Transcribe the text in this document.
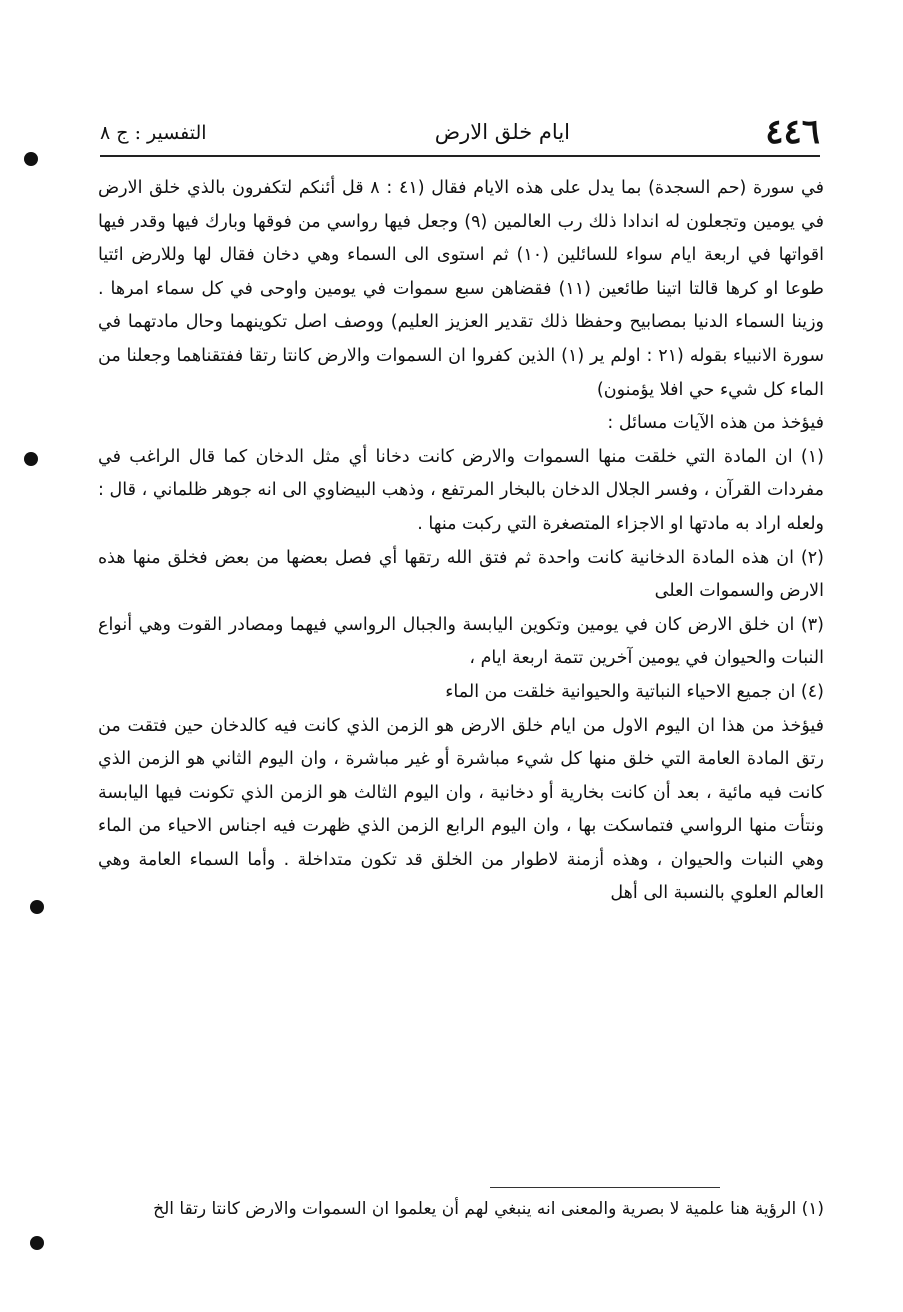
٤٤٦
ايام خلق الارض
التفسير : ج ٨

في سورة (حم السجدة) بما يدل على هذه الايام فقال (٤١ : ٨ قل أئنكم لتكفرون بالذي خلق الارض في يومين وتجعلون له اندادا ذلك رب العالمين (٩) وجعل فيها رواسي من فوقها وبارك فيها وقدر فيها اقواتها في اربعة ايام سواء للسائلين (١٠) ثم استوى الى السماء وهي دخان فقال لها وللارض ائتيا طوعا او كرها قالتا اتينا طائعين (١١) فقضاهن سبع سموات في يومين واوحى في كل سماء امرها . وزينا السماء الدنيا بمصابيح وحفظا ذلك تقدير العزيز العليم) ووصف اصل تكوينهما وحال مادتهما في سورة الانبياء بقوله (٢١ : اولم ير (١) الذين كفروا ان السموات والارض كانتا رتقا ففتقناهما وجعلنا من الماء كل شيء حي افلا يؤمنون)

فيؤخذ من هذه الآيات مسائل :

(١) ان المادة التي خلقت منها السموات والارض كانت دخانا أي مثل الدخان كما قال الراغب في مفردات القرآن ، وفسر الجلال الدخان بالبخار المرتفع ، وذهب البيضاوي الى انه جوهر ظلماني ، قال : ولعله اراد به مادتها او الاجزاء المتصغرة التي ركبت منها .

(٢) ان هذه المادة الدخانية كانت واحدة ثم فتق الله رتقها أي فصل بعضها من بعض فخلق منها هذه الارض والسموات العلى

(٣) ان خلق الارض كان في يومين وتكوين اليابسة والجبال الرواسي فيهما ومصادر القوت وهي أنواع النبات والحيوان في يومين آخرين تتمة اربعة ايام ،

(٤) ان جميع الاحياء النباتية والحيوانية خلقت من الماء

فيؤخذ من هذا ان اليوم الاول من ايام خلق الارض هو الزمن الذي كانت فيه كالدخان حين فتقت من رتق المادة العامة التي خلق منها كل شيء مباشرة أو غير مباشرة ، وان اليوم الثاني هو الزمن الذي كانت فيه مائية ، بعد أن كانت بخارية أو دخانية ، وان اليوم الثالث هو الزمن الذي تكونت فيها اليابسة ونتأت منها الرواسي فتماسكت بها ، وان اليوم الرابع الزمن الذي ظهرت فيه اجناس الاحياء من الماء وهي النبات والحيوان ، وهذه أزمنة لاطوار من الخلق قد تكون متداخلة . وأما السماء العامة وهي العالم العلوي بالنسبة الى أهل

(١) الرؤية هنا علمية لا بصرية والمعنى انه ينبغي لهم أن يعلموا ان السموات والارض كانتا رتقا الخ
